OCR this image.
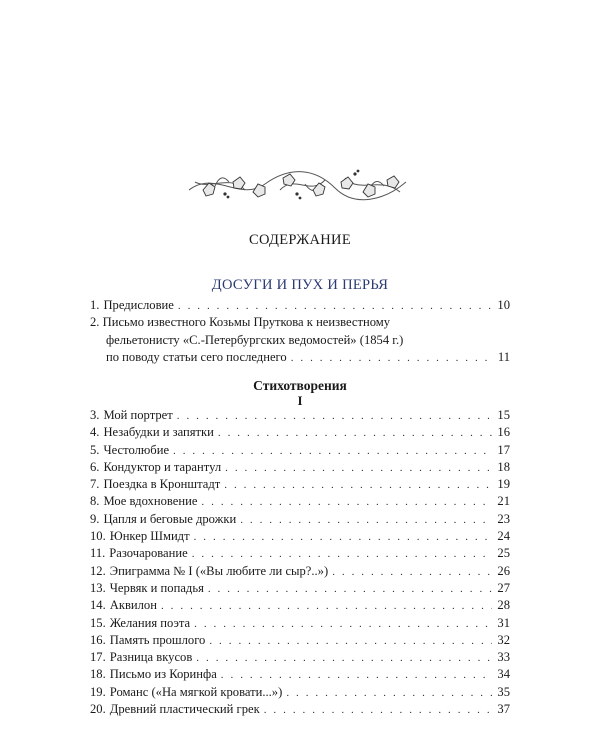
СОДЕРЖАНИЕ
ДОСУГИ И ПУХ И ПЕРЬЯ
1. Предисловие . . .	10
2. Письмо известного Козьмы Пруткова к неизвестному
фельетонисту «С.-Петербургских ведомостей» (1854 г.)
по поводу статьи сего последнего . . .	11
Стихотворения
I
3. Мой портрет . . .	15
4. Незабудки и запятки . . .	16
5. Честолюбие . . .	17
6. Кондуктор и тарантул . . .	18
7. Поездка в Кронштадт . . .	19
8. Мое вдохновение . . .	21
9. Цапля и беговые дрожки . . .	23
10. Юнкер Шмидт . . .	24
11. Разочарование . . .	25
12. Эпиграмма № I («Вы любите ли сыр?..») . . .	26
13. Червяк и попадья . . .	27
14. Аквилон . . .	28
15. Желания поэта . . .	31
16. Память прошлого . . .	32
17. Разница вкусов . . .	33
18. Письмо из Коринфа . . .	34
19. Романс («На мягкой кровати...») . . .	35
20. Древний пластический грек . . .	37
